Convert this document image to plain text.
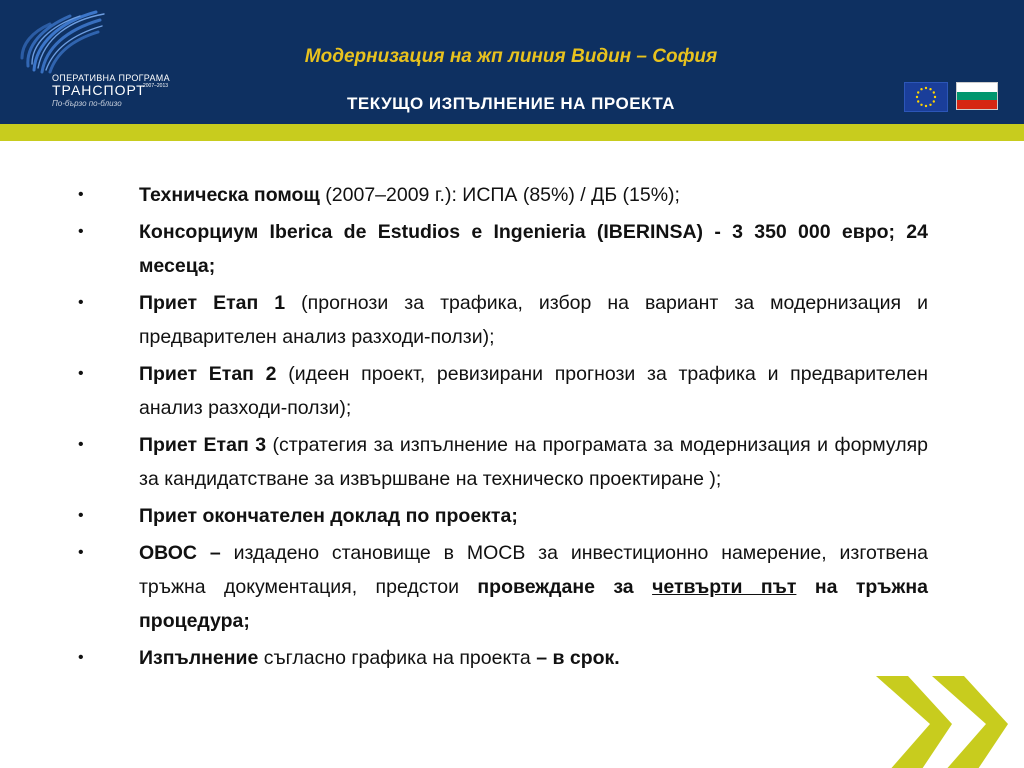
ОПЕРАТИВНА ПРОГРАМА
ТРАНСПОРТ
2007–2013
По-бързо по-близо
Модернизация на жп линия Видин – София
ТЕКУЩО ИЗПЪЛНЕНИЕ НА ПРОЕКТА
•	Техническа помощ (2007–2009 г.): ИСПА (85%) / ДБ (15%);
•	Консорциум Iberica de Estudios e Ingenieria (IBERINSA) - 3 350 000 евро; 24 месеца;
•	Приет Етап 1 (прогнози за трафика, избор на вариант за модернизация и предварителен анализ разходи-ползи);
•	Приет Етап 2 (идеен проект, ревизирани прогнози за трафика и предварителен анализ разходи-ползи);
•	Приет Етап 3 (стратегия за изпълнение на програмата за модернизация и формуляр за кандидатстване за извършване на техническо проектиране );
•	Приет окончателен доклад по проекта;
•	ОВОС – издадено становище в МОСВ за инвестиционно намерение, изготвена тръжна документация, предстои провеждане за четвърти път на тръжна процедура;
•	Изпълнение съгласно графика на проекта – в срок.
